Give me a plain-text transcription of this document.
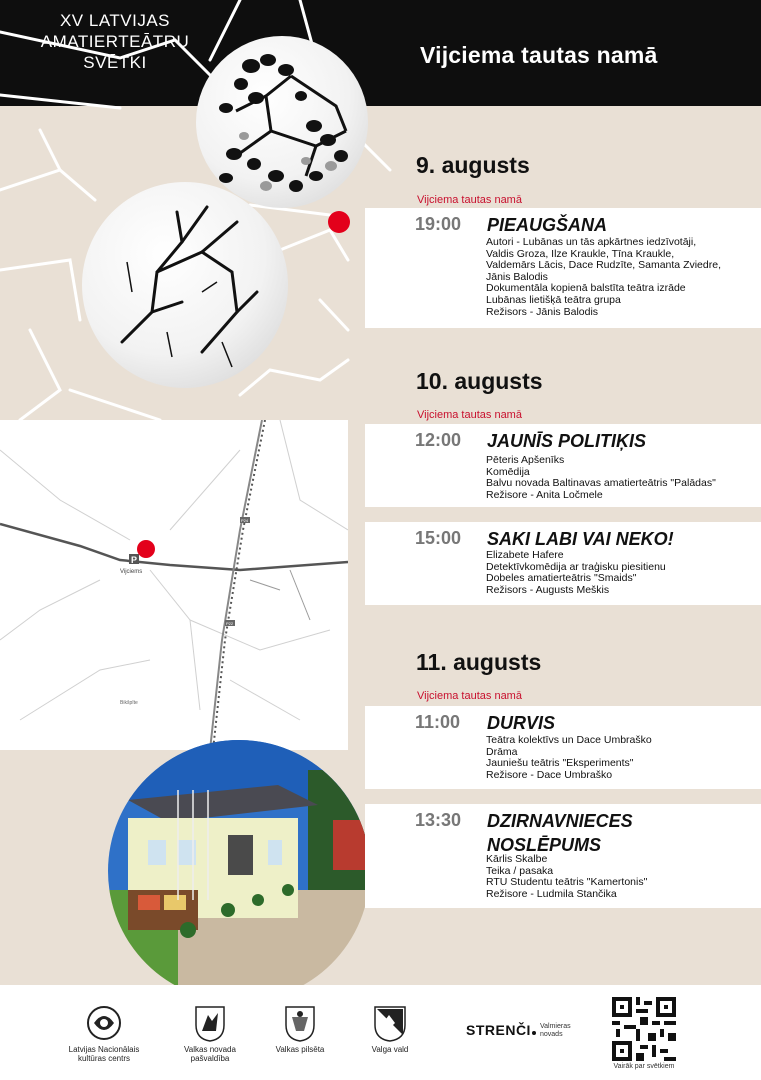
XV LATVIJAS
AMATIERTEĀTRU
SVĒTKI	Vijciema tautas namā
P24
P22
P
Vijciems
Bikšpīte
9. augusts
Vijciema tautas namā
19:00 PIEAUGŠANA
Autori - Lubānas un tās apkārtnes iedzīvotāji,
Valdis Groza, Ilze Kraukle, Tīna Kraukle,
Valdemārs Lācis, Dace Rudzīte, Samanta Zviedre,
Jānis Balodis
Dokumentāla kopienā balstīta teātra izrāde
Lubānas lietišķā teātra grupa
Režisors - Jānis Balodis
10. augusts
Vijciema tautas namā
12:00 JAUNĪS POLITIĶIS
Pēteris Apšenīks
Komēdija
Balvu novada Baltinavas amatierteātris "Palādas"
Režisore - Anita Ločmele
15:00 SAKI LABI VAI NEKO!
Elizabete Hafere
Detektīvkomēdija ar traģisku piesitienu
Dobeles amatierteātris "Smaids"
Režisors - Augusts Meškis
11. augusts
Vijciema tautas namā
11:00 DURVIS
Teātra kolektīvs un Dace Umbraško
Drāma
Jauniešu teātris "Eksperiments"
Režisore - Dace Umbraško
13:30 DZIRNAVNIECES NOSLĒPUMS
Kārlis Skalbe
Teika / pasaka
RTU Studentu teātris "Kamertonis"
Režisore - Ludmila Stančika
Latvijas Nacionālais
kultūras centrs
Valkas novada
pašvaldība
Valkas pilsēta	Valga vald
STRENČI Valmieras
novads
Vairāk par svētkiem
